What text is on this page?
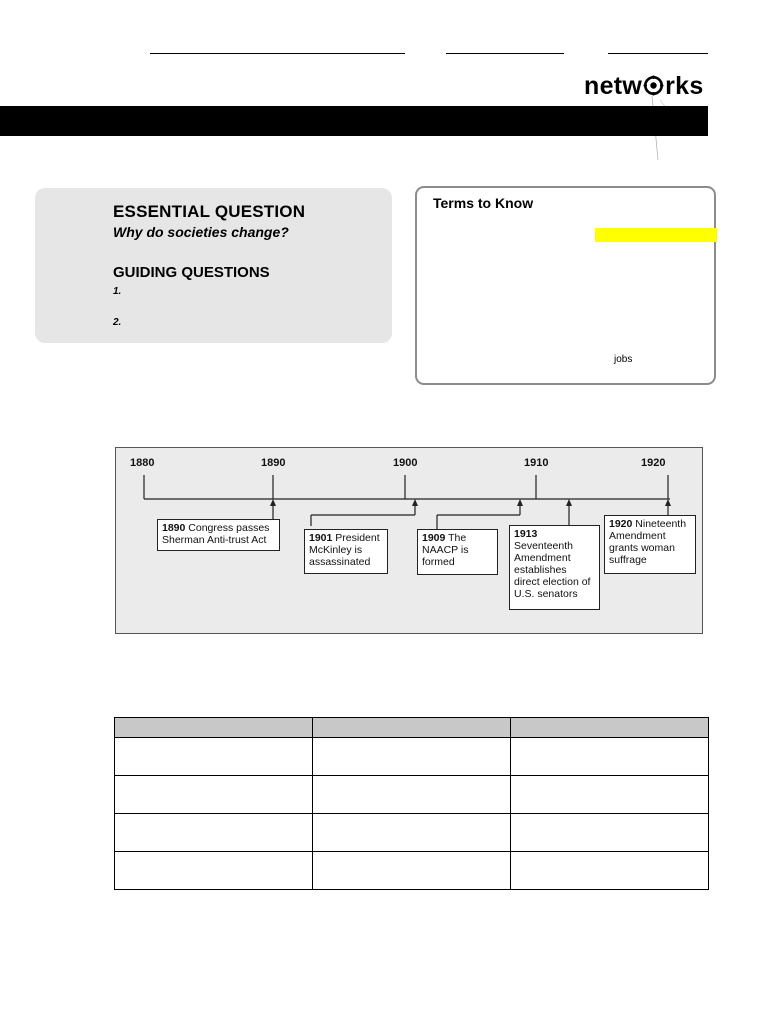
netw rks
ESSENTIAL QUESTION
Why do societies change?
GUIDING QUESTIONS
1.
2.
Terms to Know
jobs
1880	1890	1900	1910	1920
1890 Congress passes Sherman Anti-trust Act	1901 President McKinley is assassinated
1909 The NAACP is formed
1913 Seventeenth Amendment establishes direct election of U.S. senators
1920 Nineteenth Amendment grants woman suffrage
